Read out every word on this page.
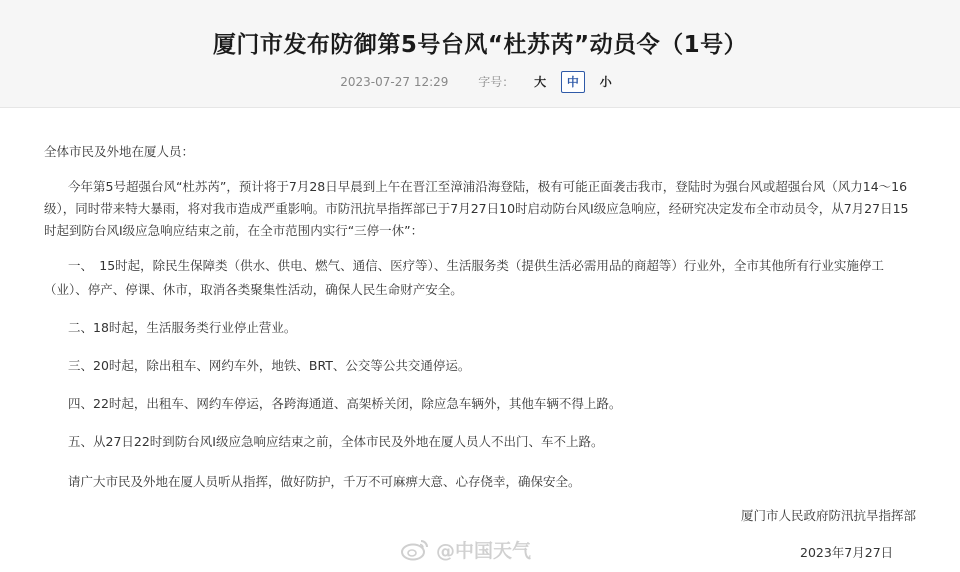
厦门市发布防御第5号台风“杜苏芮”动员令（1号）
2023-07-27 12:29 字号： 大 中 小

全体市民及外地在厦人员：

今年第5号超强台风“杜苏芮”，预计将于7月28日早晨到上午在晋江至漳浦沿海登陆，极有可能正面袭击我市，登陆时为强台风或超强台风（风力14～16级），同时带来特大暴雨，将对我市造成严重影响。市防汛抗旱指挥部已于7月27日10时启动防台风Ⅰ级应急响应，经研究决定发布全市动员令，从7月27日15时起到防台风Ⅰ级应急响应结束之前，在全市范围内实行“三停一休”：

一、　15时起，除民生保障类（供水、供电、燃气、通信、医疗等）、生活服务类（提供生活必需用品的商超等）行业外，全市其他所有行业实施停工（业）、停产、停课、休市，取消各类聚集性活动，确保人民生命财产安全。

二、18时起，生活服务类行业停止营业。

三、20时起，除出租车、网约车外，地铁、BRT、公交等公共交通停运。

四、22时起，出租车、网约车停运，各跨海通道、高架桥关闭，除应急车辆外，其他车辆不得上路。

五、从27日22时到防台风Ⅰ级应急响应结束之前，全体市民及外地在厦人员人不出门、车不上路。

请广大市民及外地在厦人员听从指挥，做好防护，千万不可麻痹大意、心存侥幸，确保安全。

厦门市人民政府防汛抗旱指挥部
@中国天气	2023年7月27日
